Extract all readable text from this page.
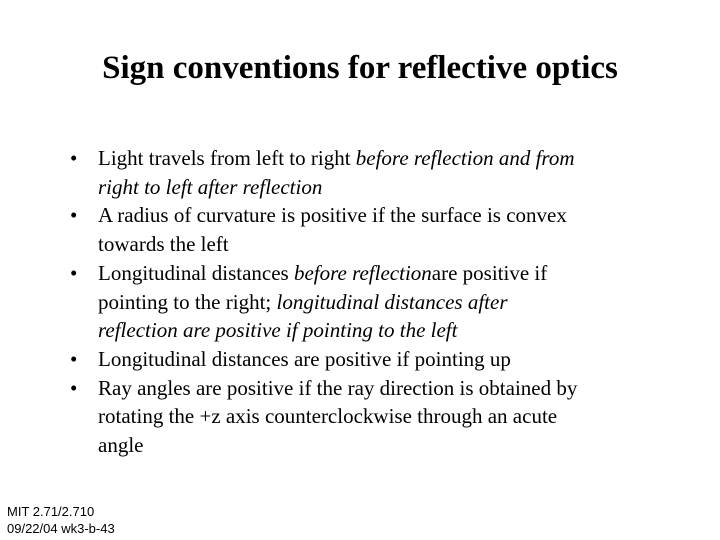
Sign conventions for reflective optics
• Light travels from left to right before reflection and from
right to left after reflection
• A radius of curvature is positive if the surface is convex
towards the left
• Longitudinal distances before reflectionare positive if
pointing to the right; longitudinal distances after
reflection are positive if pointing to the left
• Longitudinal distances are positive if pointing up
• Ray angles are positive if the ray direction is obtained by
rotating the +z axis counterclockwise through an acute
angle
MIT 2.71/2.710
09/22/04 wk3-b-43
